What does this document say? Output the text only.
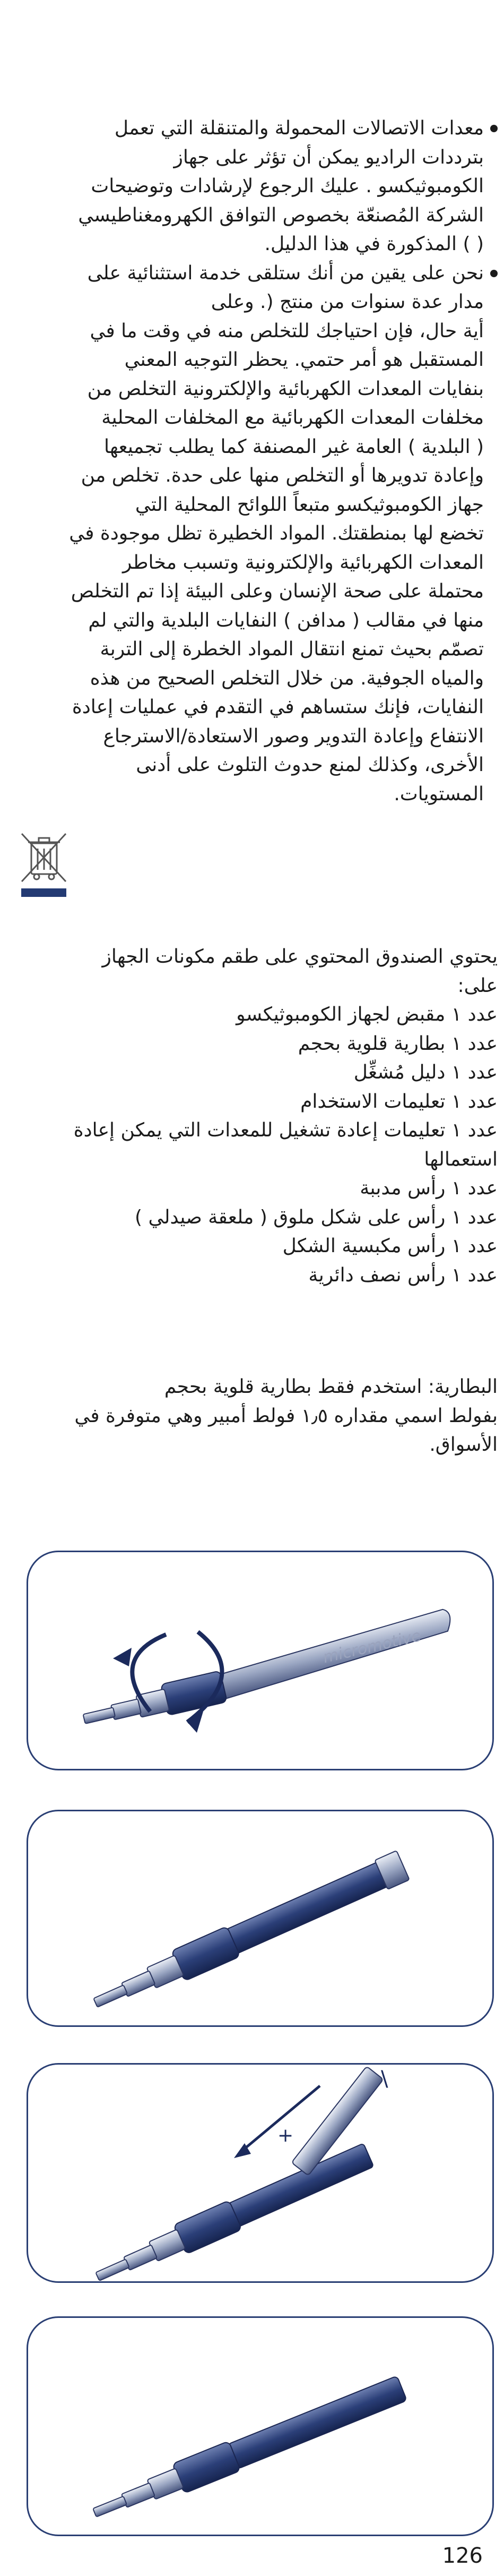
معدات الاتصالات المحمولة والمتنقلة التي تعمل
بترددات الراديو يمكن أن تؤثر على جهاز
الكومبوثيكسو . عليك الرجوع لإرشادات وتوضيحات
الشركة المُصنعّة بخصوص التوافق الكهرومغناطيسي
( ) المذكورة في هذا الدليل.
نحن على يقين من أنك ستلقى خدمة استثنائية على
مدار عدة سنوات من منتج (. وعلى
أية حال، فإن احتياجك للتخلص منه في وقت ما في
المستقبل هو أمر حتمي. يحظر التوجيه المعني
بنفايات المعدات الكهربائية والإلكترونية التخلص من
مخلفات المعدات الكهربائية مع المخلفات المحلية
( البلدية ) العامة غير المصنفة كما يطلب تجميعها
وإعادة تدويرها أو التخلص منها على حدة. تخلص من
جهاز الكومبوثيكسو متبعاً اللوائح المحلية التي
تخضع لها بمنطقتك. المواد الخطيرة تظل موجودة في
المعدات الكهربائية والإلكترونية وتسبب مخاطر
محتملة على صحة الإنسان وعلى البيئة إذا تم التخلص
منها في مقالب ( مدافن ) النفايات البلدية والتي لم
تصمّم بحيث تمنع انتقال المواد الخطرة إلى التربة
والمياه الجوفية. من خلال التخلص الصحيح من هذه
النفايات، فإنك ستساهم في التقدم في عمليات إعادة
الانتفاع وإعادة التدوير وصور الاستعادة/الاسترجاع
الأخرى، وكذلك لمنع حدوث التلوث على أدنى
المستويات.
يحتوي الصندوق المحتوي على طقم مكونات الجهاز
على:
عدد ١ مقبض لجهاز الكومبوثيكسو
عدد ١ بطارية قلوية بحجم
عدد ١ دليل مُشغِّل
عدد ١ تعليمات الاستخدام
عدد ١ تعليمات إعادة تشغيل للمعدات التي يمكن إعادة
استعمالها
عدد ١ رأس مدببة
عدد ١ رأس على شكل ملوق ( ملعقة صيدلي )
عدد ١ رأس مكبسية الشكل
عدد ١ رأس نصف دائرية
البطارية: استخدم فقط بطارية قلوية بحجم
بفولط اسمي مقداره ١٫٥ فولط أمبير وهي متوفرة في
الأسواق.
micromotive
+
\
126
